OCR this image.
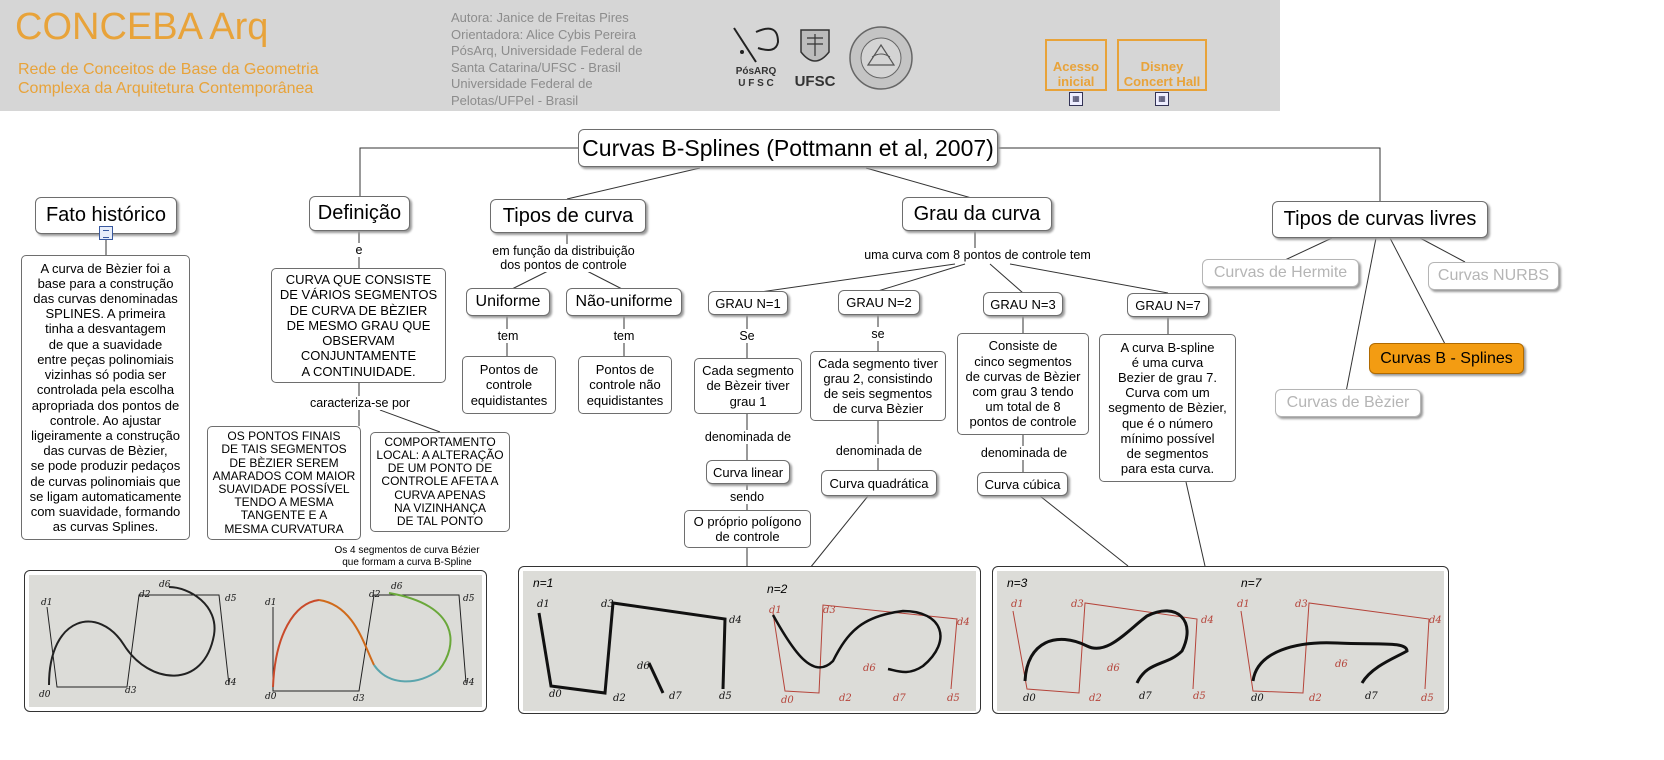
CONCEBA Arq
Rede de Conceitos de Base da Geometria
Complexa da Arquitetura Contemporânea
Autora: Janice de Freitas Pires
Orientadora: Alice Cybis Pereira
PósArq, Universidade Federal de
Santa Catarina/UFSC - Brasil
Universidade Federal de
Pelotas/UFPel - Brasil
PósARQ
U F S C	UFSC

Acesso
inicial

▦

Disney
Concert Hall

▦

Curvas B-Splines (Pottmann et al, 2007)
Fato histórico
A curva de Bèzier foi a
base para a construção
das curvas denominadas
SPLINES. A primeira
tinha a desvantagem
de que a suavidade
entre peças polinomiais
vizinhas só podia ser
controlada pela escolha
apropriada dos pontos de
controle. Ao ajustar
ligeiramente a construção
das curvas de Bèzier,
se pode produzir pedaços
de curvas polinomiais que
se ligam automaticamente
com suavidade, formando
as curvas Splines.
Definição
e
CURVA QUE CONSISTE
DE VÁRIOS SEGMENTOS
DE CURVA DE BÈZIER
DE MESMO GRAU QUE
OBSERVAM
CONJUNTAMENTE
A CONTINUIDADE.
caracteriza-se por
OS PONTOS FINAIS
DE TAIS SEGMENTOS
DE BÈZIER SEREM
AMARADOS COM MAIOR
SUAVIDADE POSSÍVEL
TENDO A MESMA
TANGENTE E A
MESMA CURVATURA
COMPORTAMENTO
LOCAL: A ALTERAÇÃO
DE UM PONTO DE
CONTROLE AFETA A
CURVA APENAS
NA VIZINHANÇA
DE TAL PONTO
Tipos de curva
em função da distribuição
dos pontos de controle
Uniforme	Não-uniforme
tem	tem
Pontos de
controle
equidistantes
Pontos de
controle não
equidistantes
Grau da curva
uma curva com 8 pontos de controle tem
GRAU N=1	GRAU N=2	GRAU N=3	GRAU N=7
Se	se
Cada segmento
de Bèzeir tiver
grau 1
Cada segmento tiver
grau 2, consistindo
de seis segmentos
de curva Bèzier
Consiste de
cinco segmentos
de curvas de Bèzier
com grau 3 tendo
um total de 8
pontos de controle
A curva B-spline
é uma curva
Bezier de grau 7.
Curva com um
segmento de Bèzier,
que é o número
mínimo possível
de segmentos
para esta curva.
denominada de
denominada de	denominada de
Curva linear
Curva quadrática	Curva cúbica
sendo
O próprio polígono
de controle
Tipos de curvas livres
Curvas de Hermite	Curvas NURBS
Curvas B - Splines
Curvas de Bèzier
Os 4 segmentos de curva Bézier
que formam a curva B-Spline
d1
d2
d6
d5
d0	d3
d4
d1
d2
d6
d5
d0	d3
d4
n=1	n=2
d1	d3
d4
d6
d0	d2	d7	d5
d1	d3
d4
d6
d0	d2	d7	d5
n=3	n=7
d1	d3
d4
d6
d2	d5
d1	d3
d4
d6
d2	d5
d0	d7	d0	d7
